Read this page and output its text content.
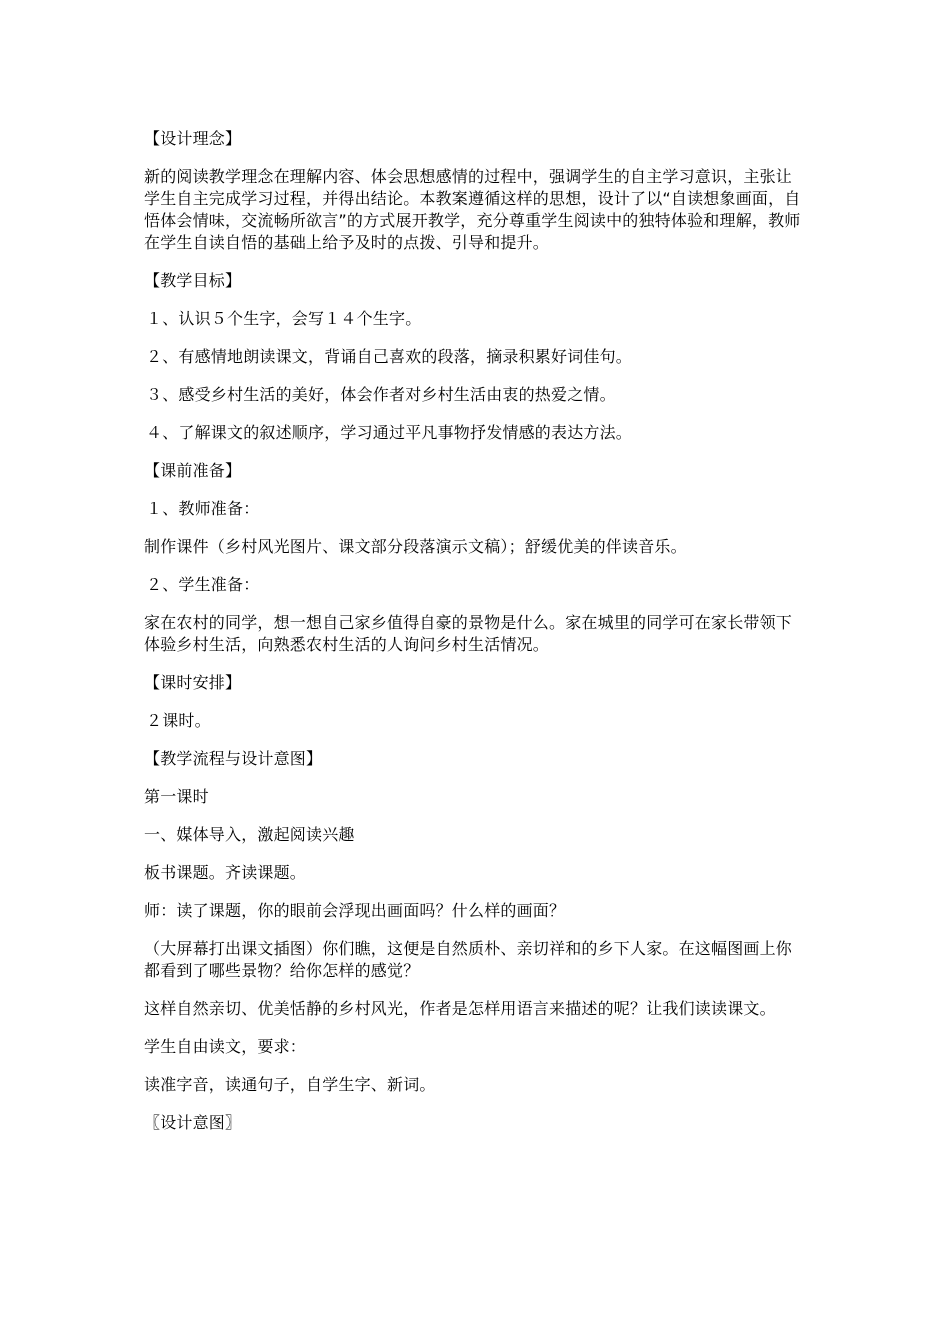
【设计理念】

新的阅读教学理念在理解内容、体会思想感情的过程中，强调学生的自主学习意识，主张让学生自主完成学习过程，并得出结论。本教案遵循这样的思想，设计了以“自读想象画面，自悟体会情味，交流畅所欲言”的方式展开教学，充分尊重学生阅读中的独特体验和理解，教师在学生自读自悟的基础上给予及时的点拨、引导和提升。

【教学目标】

１、认识５个生字，会写１４个生字。

２、有感情地朗读课文，背诵自己喜欢的段落，摘录积累好词佳句。

３、感受乡村生活的美好，体会作者对乡村生活由衷的热爱之情。

４、了解课文的叙述顺序，学习通过平凡事物抒发情感的表达方法。

【课前准备】

１、教师准备：

制作课件（乡村风光图片、课文部分段落演示文稿）；舒缓优美的伴读音乐。

２、学生准备：

家在农村的同学，想一想自己家乡值得自豪的景物是什么。家在城里的同学可在家长带领下体验乡村生活，向熟悉农村生活的人询问乡村生活情况。

【课时安排】

２课时。

【教学流程与设计意图】

第一课时

一、媒体导入，激起阅读兴趣

板书课题。齐读课题。

师：读了课题，你的眼前会浮现出画面吗？什么样的画面？

（大屏幕打出课文插图）你们瞧，这便是自然质朴、亲切祥和的乡下人家。在这幅图画上你都看到了哪些景物？给你怎样的感觉？

这样自然亲切、优美恬静的乡村风光，作者是怎样用语言来描述的呢？让我们读读课文。

学生自由读文，要求：

读准字音，读通句子，自学生字、新词。

〖设计意图〗
